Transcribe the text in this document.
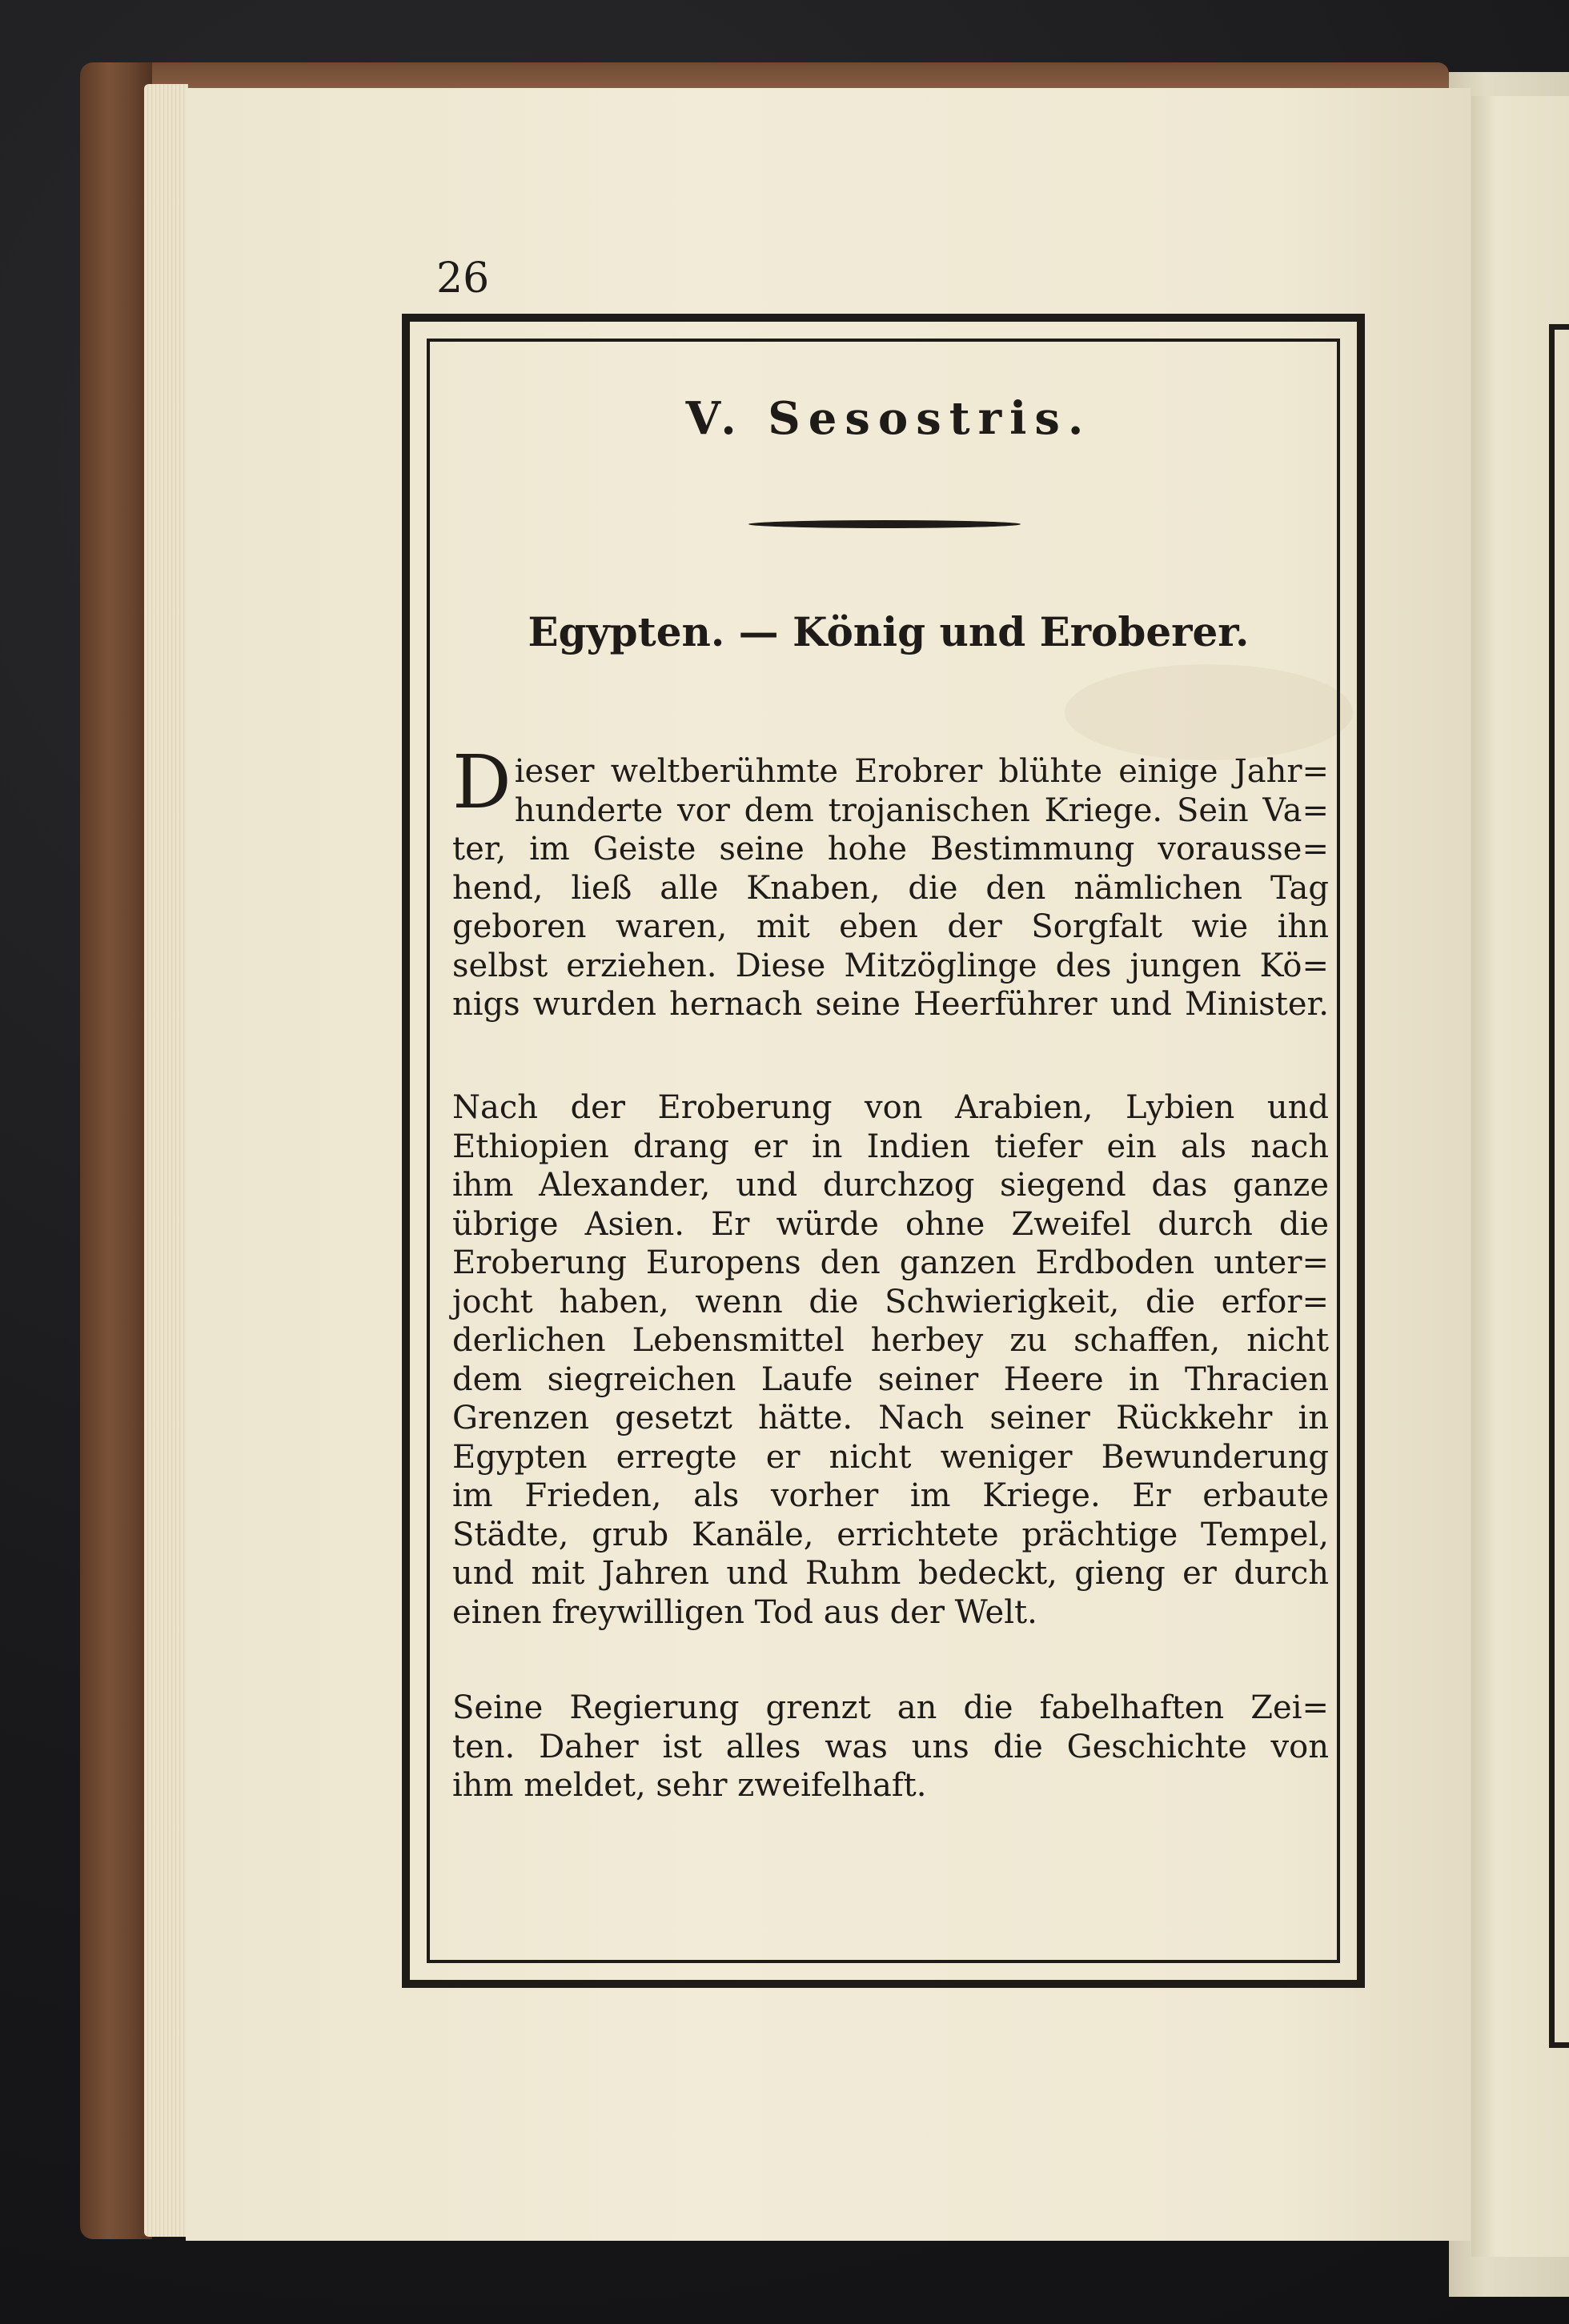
26

V. Sesostris.
Egypten. — König und Eroberer.
D ieser weltberühmte Erobrer blühte einige Jahr=
hunderte vor dem trojanischen Kriege. Sein Va=
ter, im Geiste seine hohe Bestimmung vorausse=
hend, ließ alle Knaben, die den nämlichen Tag
geboren waren, mit eben der Sorgfalt wie ihn
selbst erziehen. Diese Mitzöglinge des jungen Kö=
nigs wurden hernach seine Heerführer und Minister.
Nach der Eroberung von Arabien, Lybien und
Ethiopien drang er in Indien tiefer ein als nach
ihm Alexander, und durchzog siegend das ganze
übrige Asien. Er würde ohne Zweifel durch die
Eroberung Europens den ganzen Erdboden unter=
jocht haben, wenn die Schwierigkeit, die erfor=
derlichen Lebensmittel herbey zu schaffen, nicht
dem siegreichen Laufe seiner Heere in Thracien
Grenzen gesetzt hätte. Nach seiner Rückkehr in
Egypten erregte er nicht weniger Bewunderung
im Frieden, als vorher im Kriege. Er erbaute
Städte, grub Kanäle, errichtete prächtige Tempel,
und mit Jahren und Ruhm bedeckt, gieng er durch
einen freywilligen Tod aus der Welt.
Seine Regierung grenzt an die fabelhaften Zei=
ten. Daher ist alles was uns die Geschichte von
ihm meldet, sehr zweifelhaft.
